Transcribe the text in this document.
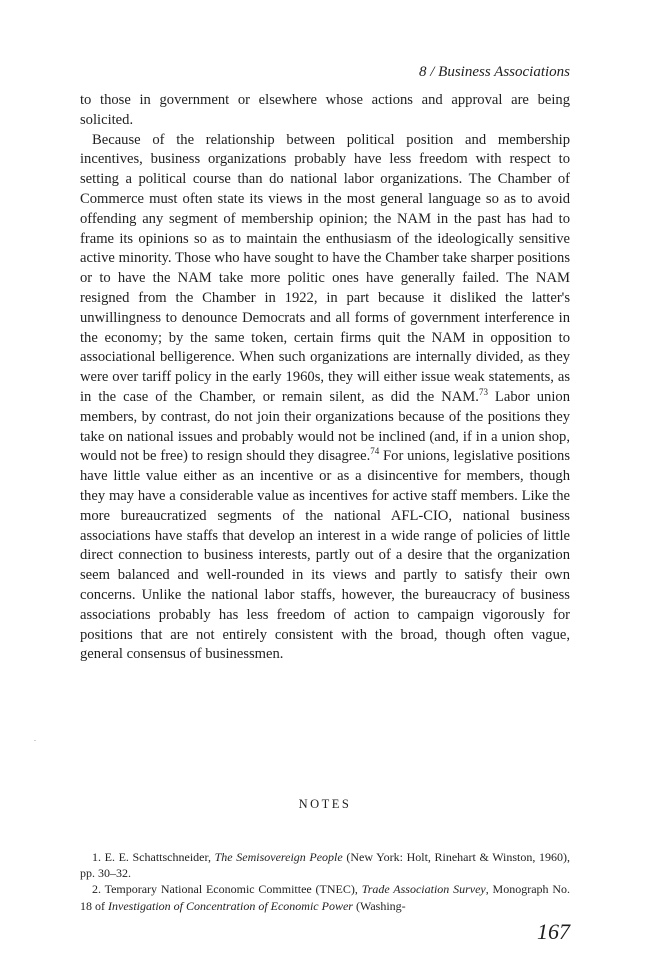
8 / Business Associations

to those in government or elsewhere whose actions and approval are being solicited.

Because of the relationship between political position and membership incentives, business organizations probably have less freedom with respect to setting a political course than do national labor organizations. The Chamber of Commerce must often state its views in the most general language so as to avoid offending any segment of membership opinion; the NAM in the past has had to frame its opinions so as to maintain the enthusiasm of the ideologically sensitive active minority. Those who have sought to have the Chamber take sharper positions or to have the NAM take more politic ones have generally failed. The NAM resigned from the Chamber in 1922, in part because it disliked the latter's unwillingness to denounce Democrats and all forms of government interference in the economy; by the same token, certain firms quit the NAM in opposition to associational belligerence. When such organizations are internally divided, as they were over tariff policy in the early 1960s, they will either issue weak statements, as in the case of the Chamber, or remain silent, as did the NAM.$^{73}$ Labor union members, by contrast, do not join their organizations because of the positions they take on national issues and probably would not be inclined (and, if in a union shop, would not be free) to resign should they disagree.$^{74}$ For unions, legislative positions have little value either as an incentive or as a disincentive for members, though they may have a considerable value as incentives for active staff members. Like the more bureaucratized segments of the national AFL-CIO, national business associations have staffs that develop an interest in a wide range of policies of little direct connection to business interests, partly out of a desire that the organization seem balanced and well-rounded in its views and partly to satisfy their own concerns. Unlike the national labor staffs, however, the bureaucracy of business associations probably has less freedom of action to campaign vigorously for positions that are not entirely consistent with the broad, though often vague, general consensus of businessmen.

NOTES

1. E. E. Schattschneider, The Semisovereign People (New York: Holt, Rinehart & Winston, 1960), pp. 30–32.

2. Temporary National Economic Committee (TNEC), Trade Association Survey, Monograph No. 18 of Investigation of Concentration of Economic Power (Washing-

167
